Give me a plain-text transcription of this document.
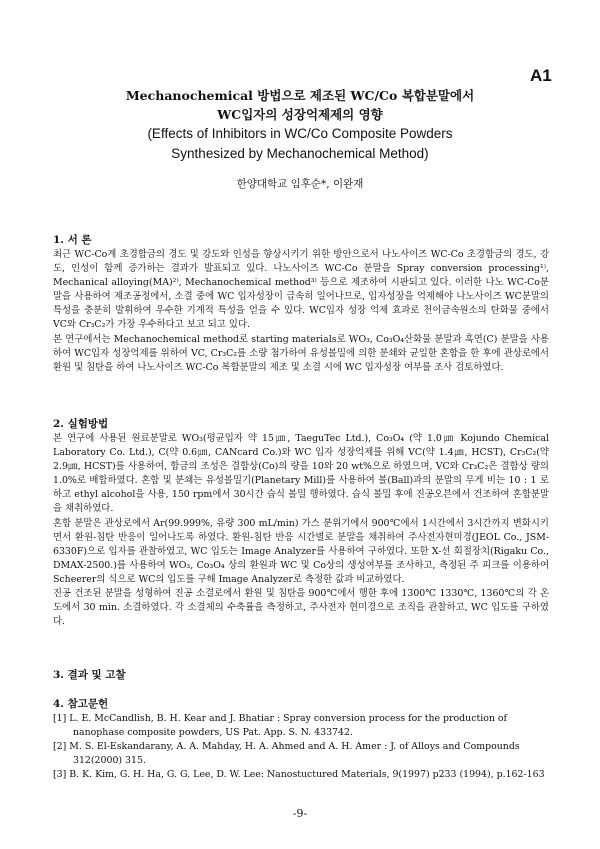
A1
Mechanochemical 방법으로 제조된 WC/Co 복합분말에서
WC입자의 성장억제제의 영향
(Effects of Inhibitors in WC/Co Composite Powders
Synthesized by Mechanochemical Method)
한양대학교 임후순*, 이완재
1. 서 론
최근 WC-Co계 초경합금의 경도 및 강도와 인성을 향상시키기 위한 방안으로서 나노사이즈 WC-Co 초경합금의 경도, 강도, 인성이 함께 증가하는 결과가 발표되고 있다. 나노사이즈 WC-Co 분말을 Spray conversion processing¹⁾, Mechanical alloying(MA)²⁾, Mechanochemical method³⁾ 등으로 제조하여 시판되고 있다. 이러한 나노 WC-Co분말을 사용하여 제조공정에서, 소결 중에 WC 입자성장이 급속히 일어나므로, 입자성장을 억제해야 나노사이즈 WC분말의 특성을 충분히 발휘하여 우수한 기계적 특성을 얻을 수 있다. WC입자 성장 억제 효과로 천이금속원소의 탄화물 중에서 VC와 Cr₃C₂가 가장 우수하다고 보고 되고 있다.
본 연구에서는 Mechanochemical method로 starting materials로 WO₃, Co₃O₄산화물 분말과 흑연(C) 분말을 사용하여 WC입자 성장억제를 위하여 VC, Cr₃C₂를 소량 첨가하여 유성볼밀에 의한 분쇄와 균일한 혼합을 한 후에 관상로에서 환원 및 침탄을 하여 나노사이즈 WC-Co 복합분말의 제조 및 소결 시에 WC 입자성장 여부를 조사 검토하였다.
2. 실험방법
본 연구에 사용된 원료분말로 WO₃(평균입자 약 15㎛, TaeguTec Ltd.), Co₃O₄ (약 1.0㎛ Kojundo Chemical Laboratory Co. Ltd.), C(약 0.6㎛, CANcard Co.)와 WC 입자 성장억제를 위해 VC(약 1.4㎛, HCST), Cr₃C₂(약 2.9㎛, HCST)를 사용하여, 합금의 조성은 결합상(Co)의 량을 10와 20 wt%으로 하였으며, VC와 Cr₃C₂은 결합상 량의 1.0%로 배합하였다. 혼합 및 분쇄는 유성볼밀기(Planetary Mill)를 사용하여 볼(Ball)과의 분말의 무게 비는 10 : 1 로 하고 ethyl alcohol을 사용, 150 rpm에서 30시간 습식 볼밀 행하였다. 습식 볼밀 후에 진공오븐에서 건조하여 혼합분말을 채취하였다.
혼합 분말은 관상로에서 Ar(99.999%, 유량 300 mL/min) 가스 분위기에서 900℃에서 1시간에서 3시간까지 변화시키면서 환원-침탄 반응이 일어나도록 하였다. 환원-침탄 반응 시간별로 분말을 채취하여 주사전자현미경(JEOL Co., JSM-6330F)으로 입자를 관찰하였고, WC 입도는 Image Analyzer를 사용하여 구하였다. 또한 X-선 회절장치(Rigaku Co., DMAX-2500.)를 사용하여 WO₃, Co₃O₄ 상의 환원과 WC 및 Co상의 생성여부를 조사하고, 측정된 주 피크를 이용하여 Scheerer의 식으로 WC의 입도를 구해 Image Analyzer로 측정한 값과 비교하였다.
진공 건조된 분말을 성형하여 진공 소결로에서 환원 및 침탄을 900℃에서 행한 후에 1300℃ 1330℃, 1360℃의 각 온도에서 30 min. 소결하였다. 각 소결체의 수축률을 측정하고, 주사전자 현미경으로 조직을 관찰하고, WC 입도를 구하였다.
3. 결과 및 고찰
4. 참고문헌
[1] L. E. McCandlish, B. H. Kear and J. Bhatiar : Spray conversion process for the production of nanophase composite powders, US Pat. App. S. N. 433742.
[2] M. S. El-Eskandarany, A. A. Mahday, H. A. Ahmed and A. H. Amer : J. of Alloys and Compounds 312(2000) 315.
[3] B. K. Kim, G. H. Ha, G. G. Lee, D. W. Lee: Nanostuctured Materials, 9(1997) p233 (1994), p.162-163
-9-
